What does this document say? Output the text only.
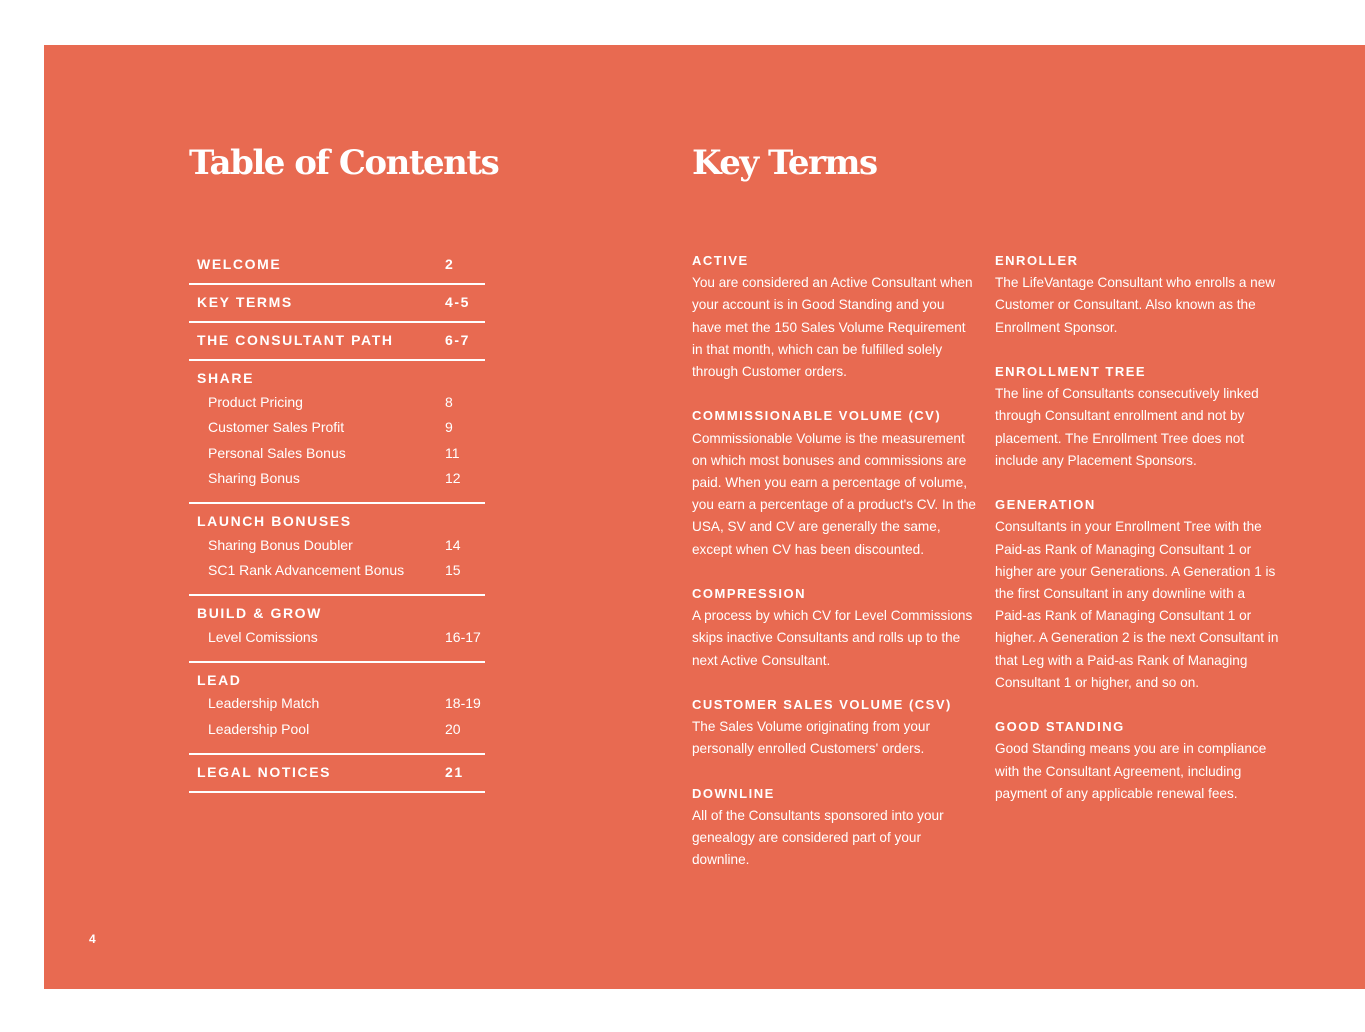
Table of Contents	Key Terms
WELCOME	2
KEY TERMS	4-5
THE CONSULTANT PATH	6-7
SHARE
Product Pricing	8
Customer Sales Profit	9
Personal Sales Bonus	11
Sharing Bonus	12
LAUNCH BONUSES
Sharing Bonus Doubler	14
SC1 Rank Advancement Bonus	15
BUILD & GROW
Level Comissions	16-17
LEAD
Leadership Match	18-19
Leadership Pool	20
LEGAL NOTICES	21
ACTIVE

You are considered an Active Consultant when your account is in Good Standing and you have met the 150 Sales Volume Requirement in that month, which can be fulfilled solely through Customer orders.

COMMISSIONABLE VOLUME (CV)

Commissionable Volume is the measurement on which most bonuses and commissions are paid. When you earn a percentage of volume, you earn a percentage of a product's CV. In the USA, SV and CV are generally the same, except when CV has been discounted.

COMPRESSION

A process by which CV for Level Commissions skips inactive Consultants and rolls up to the next Active Consultant.

CUSTOMER SALES VOLUME (CSV)

The Sales Volume originating from your personally enrolled Customers' orders.

DOWNLINE

All of the Consultants sponsored into your genealogy are considered part of your downline.

ENROLLER

The LifeVantage Consultant who enrolls a new Customer or Consultant. Also known as the Enrollment Sponsor.

ENROLLMENT TREE

The line of Consultants consecutively linked through Consultant enrollment and not by placement. The Enrollment Tree does not include any Placement Sponsors.

GENERATION

Consultants in your Enrollment Tree with the Paid-as Rank of Managing Consultant 1 or higher are your Generations. A Generation 1 is the first Consultant in any downline with a Paid-as Rank of Managing Consultant 1 or higher. A Generation 2 is the next Consultant in that Leg with a Paid-as Rank of Managing Consultant 1 or higher, and so on.

GOOD STANDING

Good Standing means you are in compliance with the Consultant Agreement, including payment of any applicable renewal fees.

4
